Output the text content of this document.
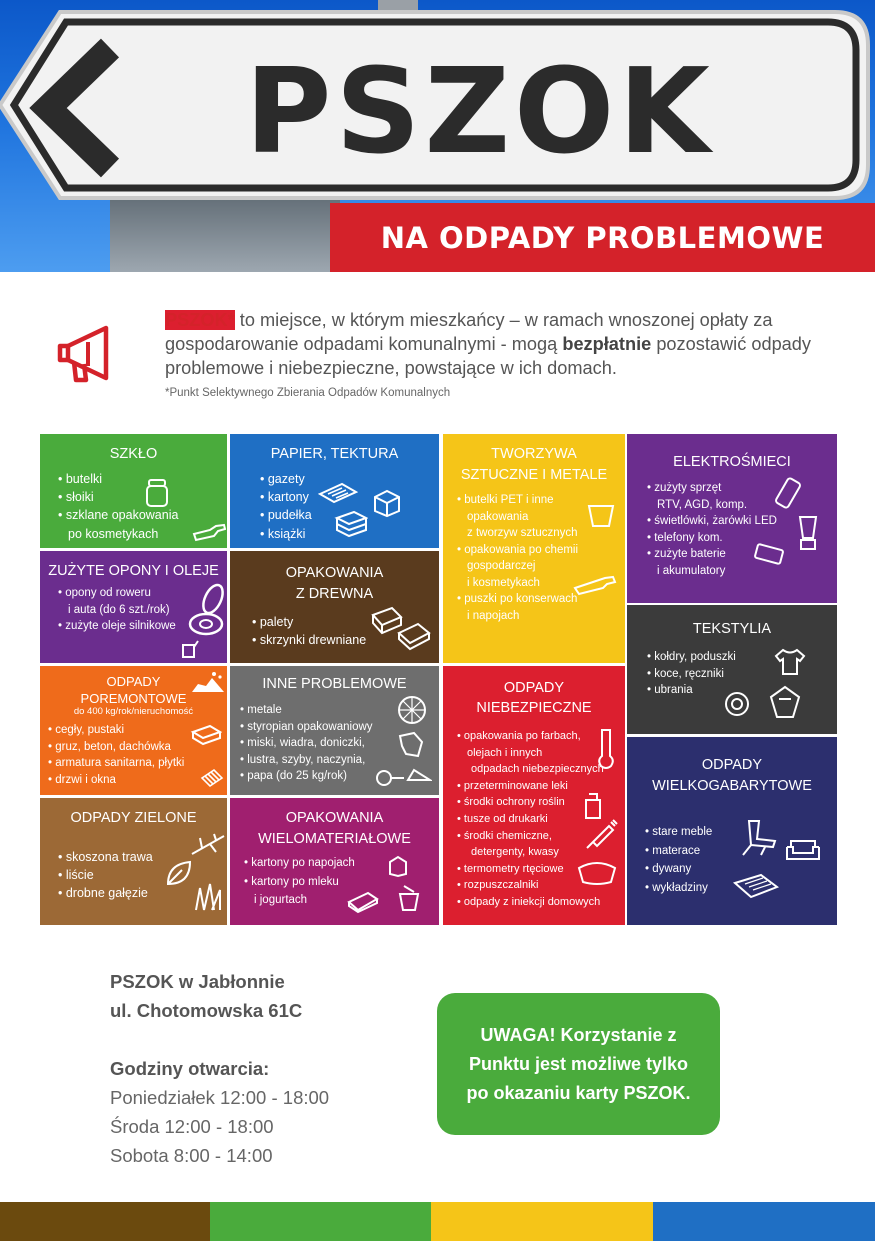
PSZOK
NA ODPADY PROBLEMOWE
PSZOK* to miejsce, w którym mieszkańcy – w ramach wnoszonej opłaty za gospodarowanie odpadami komunalnymi - mogą bezpłatnie pozostawić odpady problemowe i niebezpieczne, powstające w ich domach.
*Punkt Selektywnego Zbierania Odpadów Komunalnych
SZKŁO
• butelki
• słoiki
• szklane opakowania
po kosmetykach
PAPIER, TEKTURA
• gazety
• kartony
• pudełka
• książki
TWORZYWA
SZTUCZNE I METALE
• butelki PET i inne
opakowania
z tworzyw sztucznych
• opakowania po chemii
gospodarczej
i kosmetykach
• puszki po konserwach
i napojach
ELEKTROŚMIECI
• zużyty sprzęt
RTV, AGD, komp.
• świetlówki, żarówki LED
• telefony kom.
• zużyte baterie
i akumulatory
ZUŻYTE OPONY I OLEJE
• opony od roweru
i auta (do 6 szt./rok)
• zużyte oleje silnikowe
OPAKOWANIA
Z DREWNA
• palety
• skrzynki drewniane
TEKSTYLIA
• kołdry, poduszki
• koce, ręczniki
• ubrania
ODPADY
POREMONTOWE
do 400 kg/rok/nieruchomość
• cegły, pustaki
• gruz, beton, dachówka
• armatura sanitarna, płytki
• drzwi i okna
INNE PROBLEMOWE
• metale
• styropian opakowaniowy
• miski, wiadra, doniczki,
• lustra, szyby, naczynia,
• papa (do 25 kg/rok)
ODPADY
NIEBEZPIECZNE
• opakowania po farbach,
olejach i innych
odpadach niebezpiecznych
• przeterminowane leki
• środki ochrony roślin
• tusze od drukarki
• środki chemiczne,
detergenty, kwasy
• termometry rtęciowe
• rozpuszczalniki
• odpady z iniekcji domowych
ODPADY
WIELKOGABARYTOWE
• stare meble
• materace
• dywany
• wykładziny
ODPADY ZIELONE
• skoszona trawa
• liście
• drobne gałęzie
OPAKOWANIA
WIELOMATERIAŁOWE
• kartony po napojach
• kartony po mleku
i jogurtach
PSZOK w Jabłonnie
ul. Chotomowska 61C
Godziny otwarcia:
Poniedziałek 12:00 - 18:00
Środa 12:00 - 18:00
Sobota 8:00 - 14:00
UWAGA! Korzystanie z Punktu jest możliwe tylko po okazaniu karty PSZOK.
